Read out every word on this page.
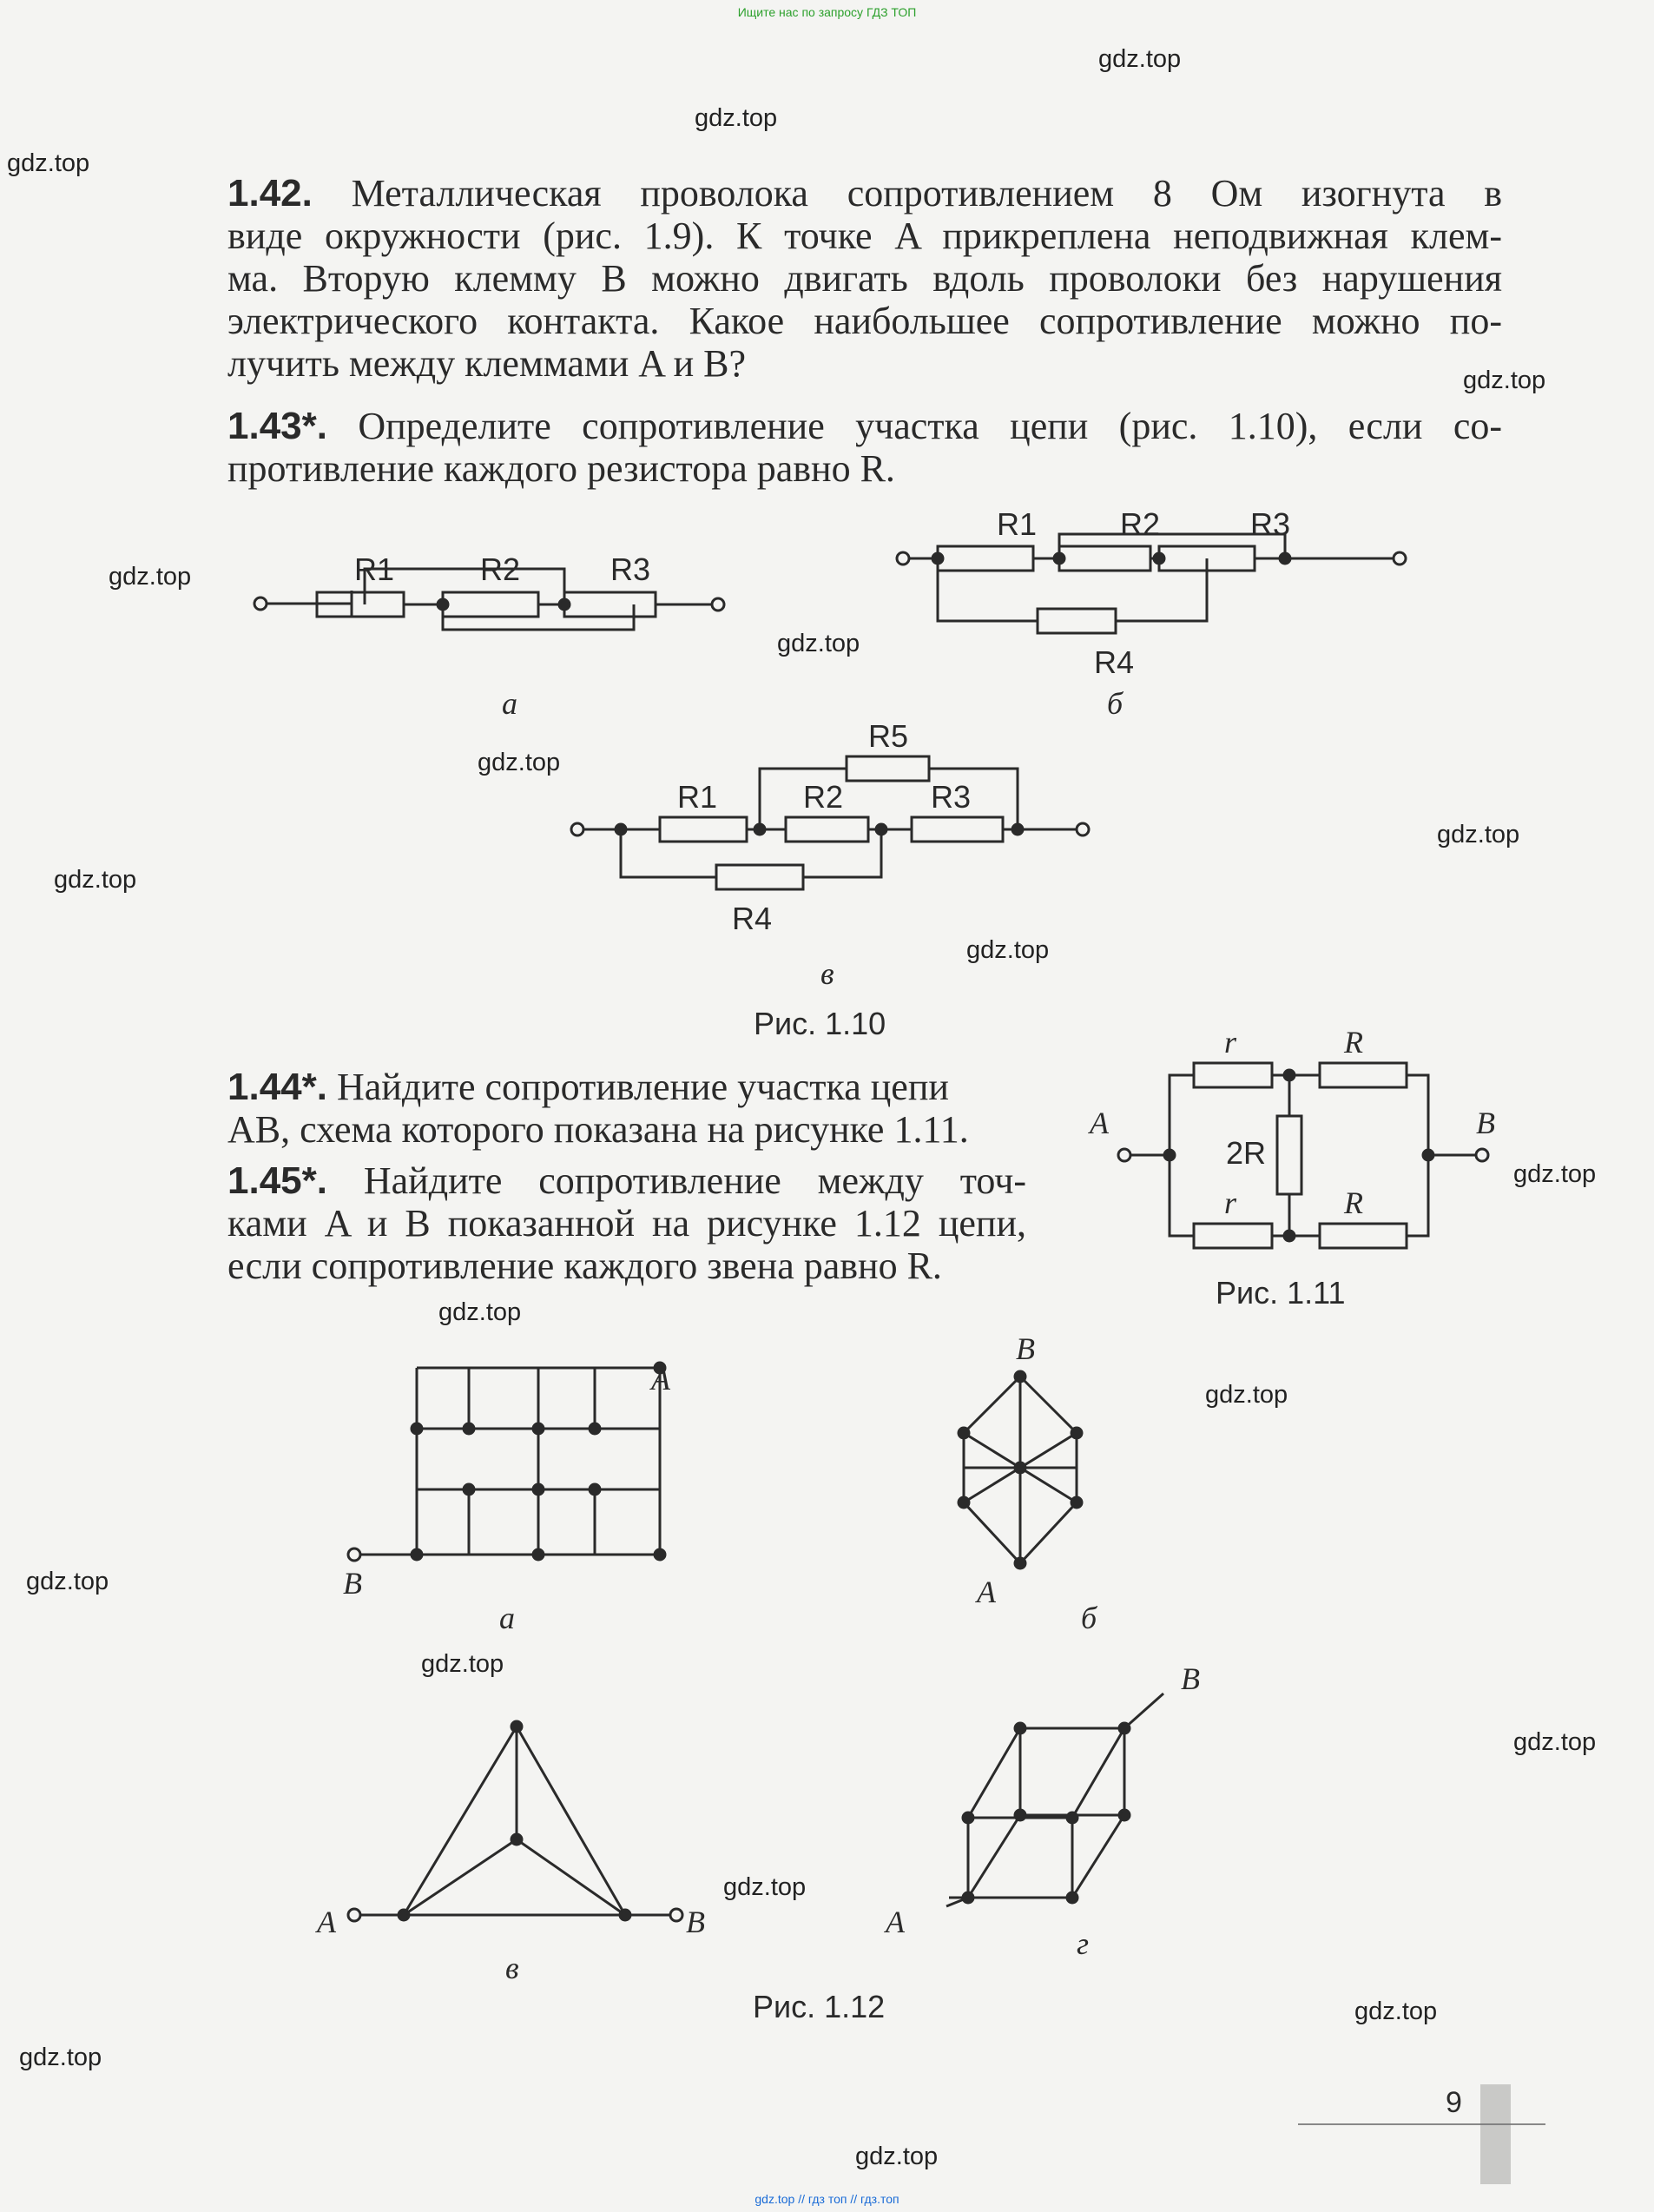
Ищите нас по запросу ГДЗ ТОП
gdz.top // гдз топ // гдз.топ
gdz.top
gdz.top
gdz.top
gdz.top
gdz.top
gdz.top
gdz.top
gdz.top
gdz.top
gdz.top
gdz.top
gdz.top
gdz.top
gdz.top
gdz.top
gdz.top
gdz.top
gdz.top
gdz.top
gdz.top
1.42. Металлическая проволока сопротивлением 8 Ом изогнута в
виде окружности (рис. 1.9). К точке A прикреплена неподвижная клем-
ма. Вторую клемму B можно двигать вдоль проволоки без нарушения
электрического контакта. Какое наибольшее сопротивление можно по-
лучить между клеммами A и B?
1.43*. Определите сопротивление участка цепи (рис. 1.10), если со-
противление каждого резистора равно R.
R1	R2	R3
а
R1	R2	R3
R4
б
R5
R1	R2	R3
R4
в
Рис. 1.10
1.44*. Найдите сопротивление участка цепи
AB, схема которого показана на рисунке 1.11.
1.45*. Найдите сопротивление между точ-
ками A и B показанной на рисунке 1.12 цепи,
если сопротивление каждого звена равно R.
r	R
r	R
2R
A	B
Рис. 1.11
A
B
а
B
A
б
A	B
B
A
г
в
Рис. 1.12
9
